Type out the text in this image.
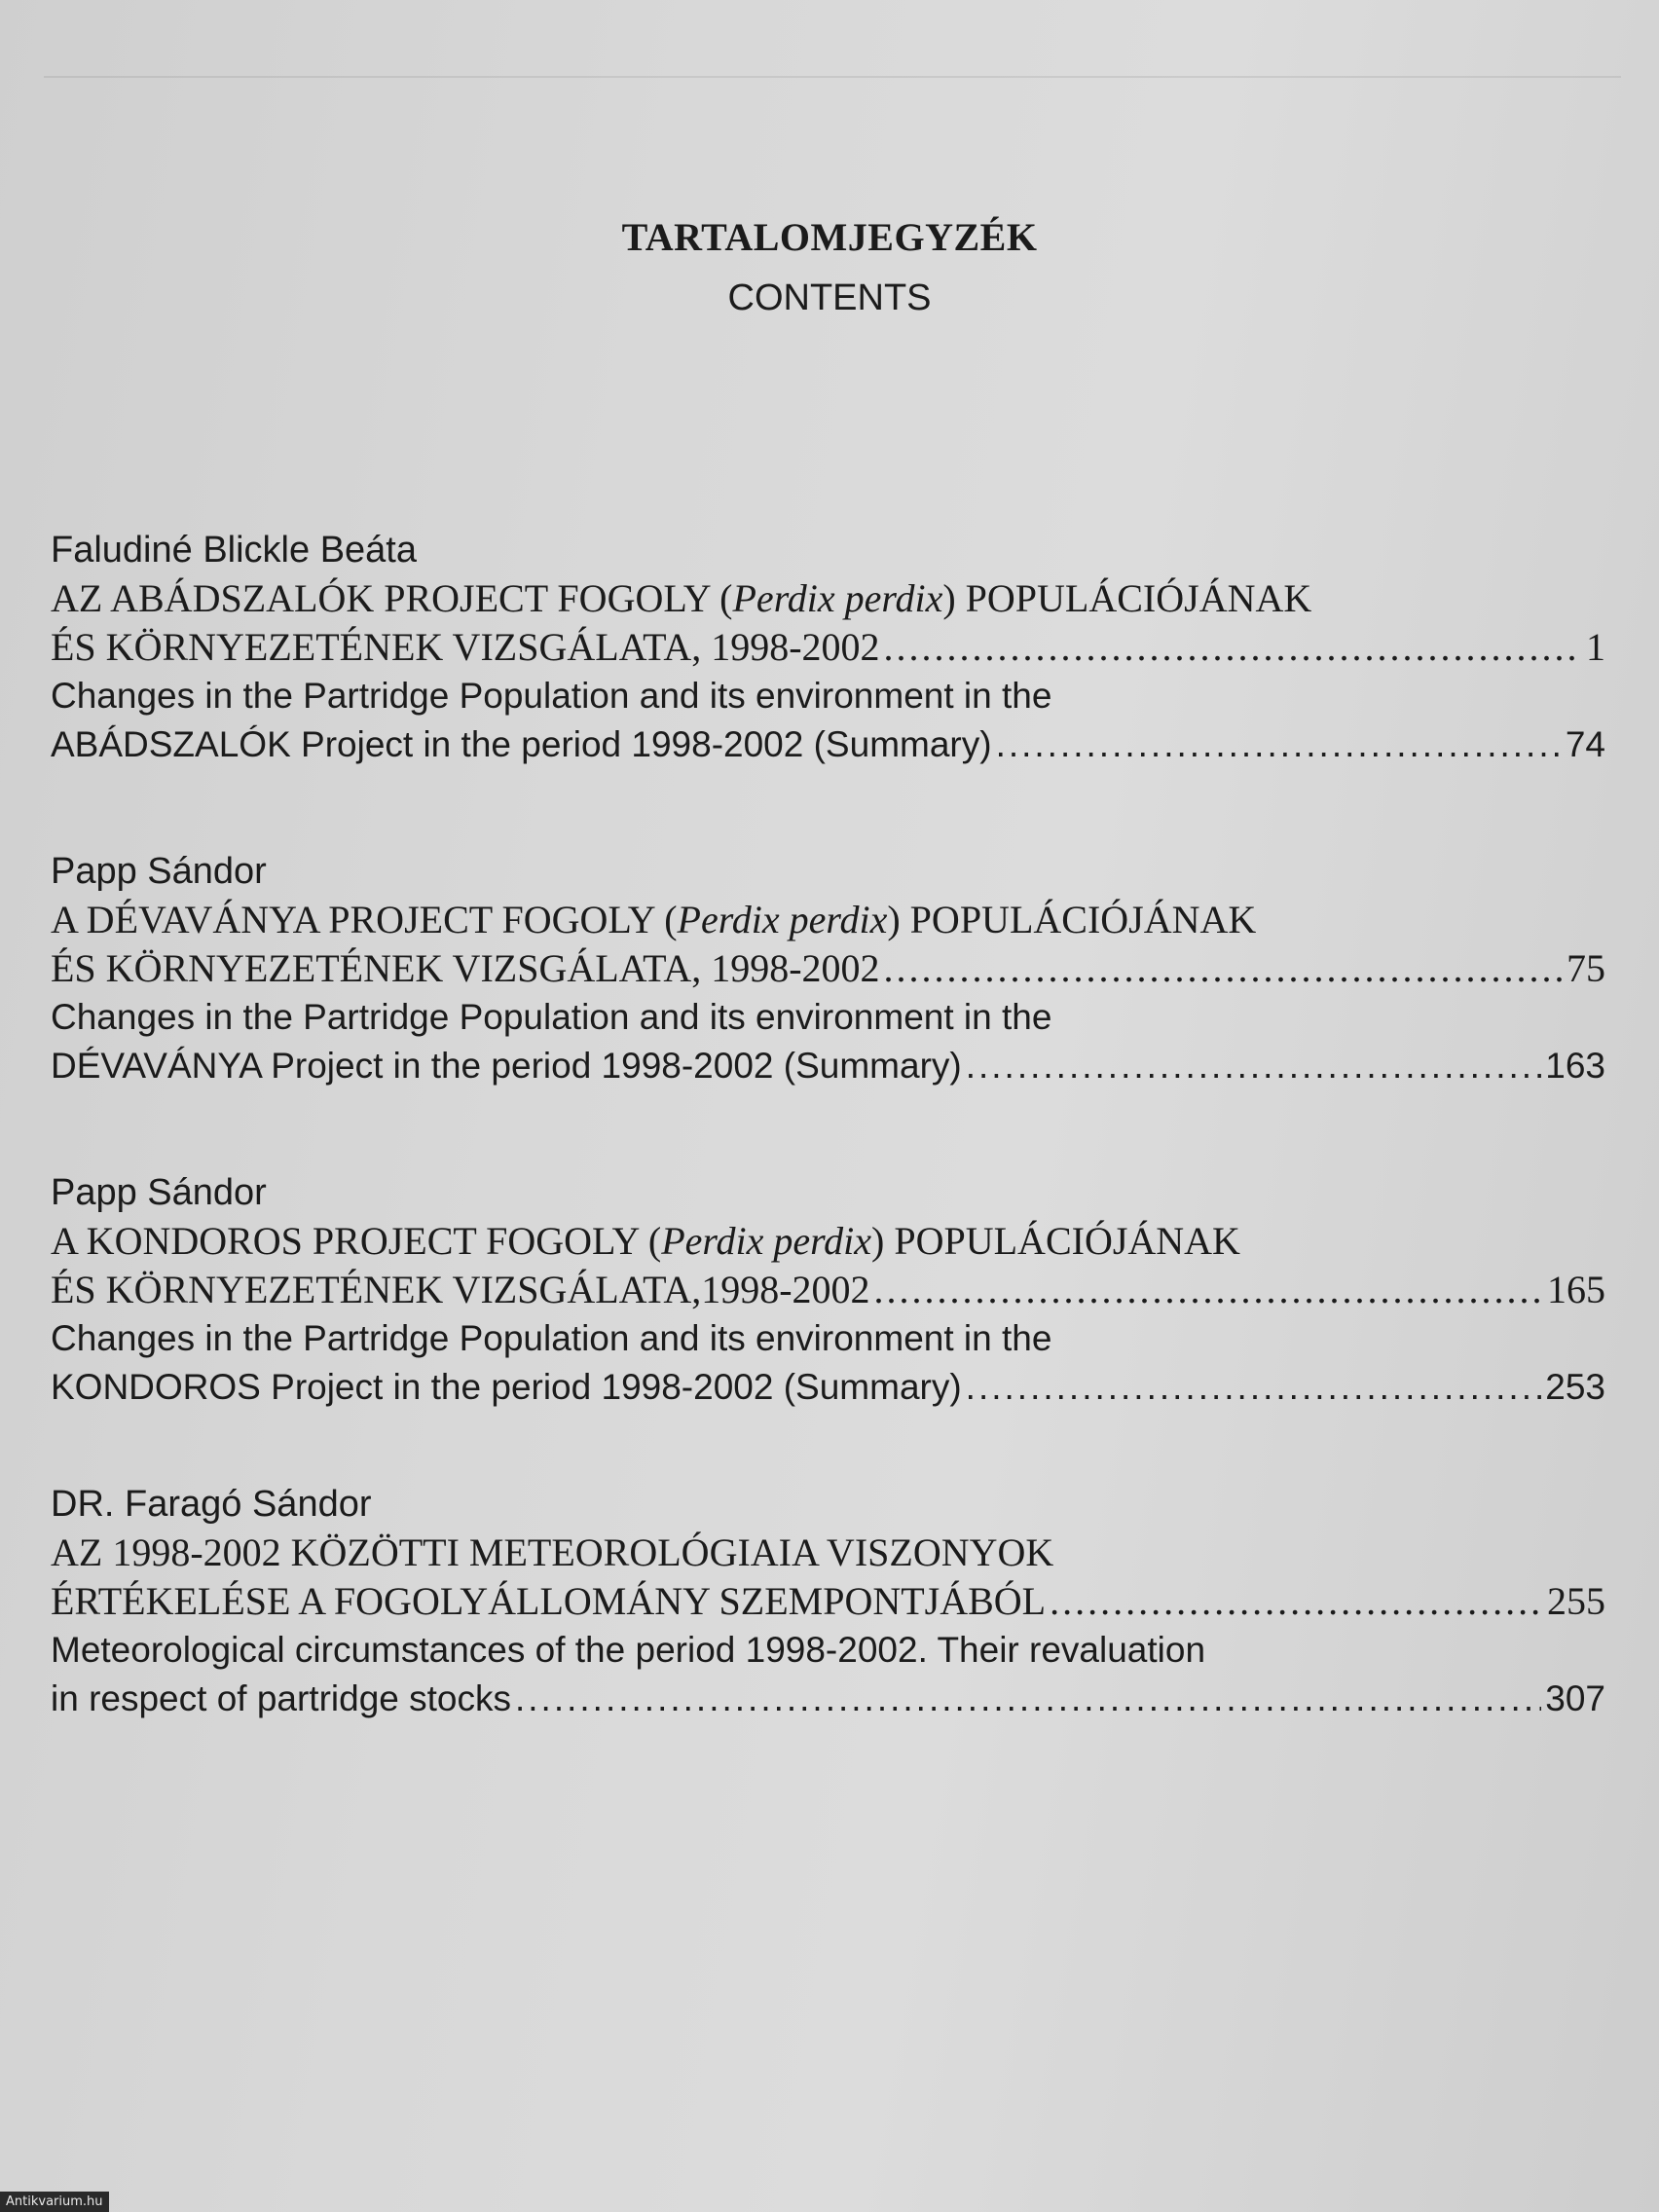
TARTALOMJEGYZÉK
CONTENTS
Faludiné Blickle Beáta
AZ ABÁDSZALÓK PROJECT FOGOLY (Perdix perdix) POPULÁCIÓJÁNAK
ÉS KÖRNYEZETÉNEK VIZSGÁLATA, 1998-2002 .....	1
Changes in the Partridge Population and its environment in the
ABÁDSZALÓK Project in the period 1998-2002 (Summary) .....	74
Papp Sándor
A DÉVAVÁNYA PROJECT FOGOLY (Perdix perdix) POPULÁCIÓJÁNAK
ÉS KÖRNYEZETÉNEK VIZSGÁLATA, 1998-2002 .....	75
Changes in the Partridge Population and its environment in the
DÉVAVÁNYA Project in the period 1998-2002 (Summary) .....	163
Papp Sándor
A KONDOROS PROJECT FOGOLY (Perdix perdix) POPULÁCIÓJÁNAK
ÉS KÖRNYEZETÉNEK VIZSGÁLATA,1998-2002 .....	165
Changes in the Partridge Population and its environment in the
KONDOROS Project in the period 1998-2002 (Summary) .....	253
DR. Faragó Sándor
AZ 1998-2002 KÖZÖTTI METEOROLÓGIAIA VISZONYOK
ÉRTÉKELÉSE A FOGOLYÁLLOMÁNY SZEMPONTJÁBÓL .....	255
Meteorological circumstances of the period 1998-2002. Their revaluation
in respect of partridge stocks .....	307
Antikvarium.hu
